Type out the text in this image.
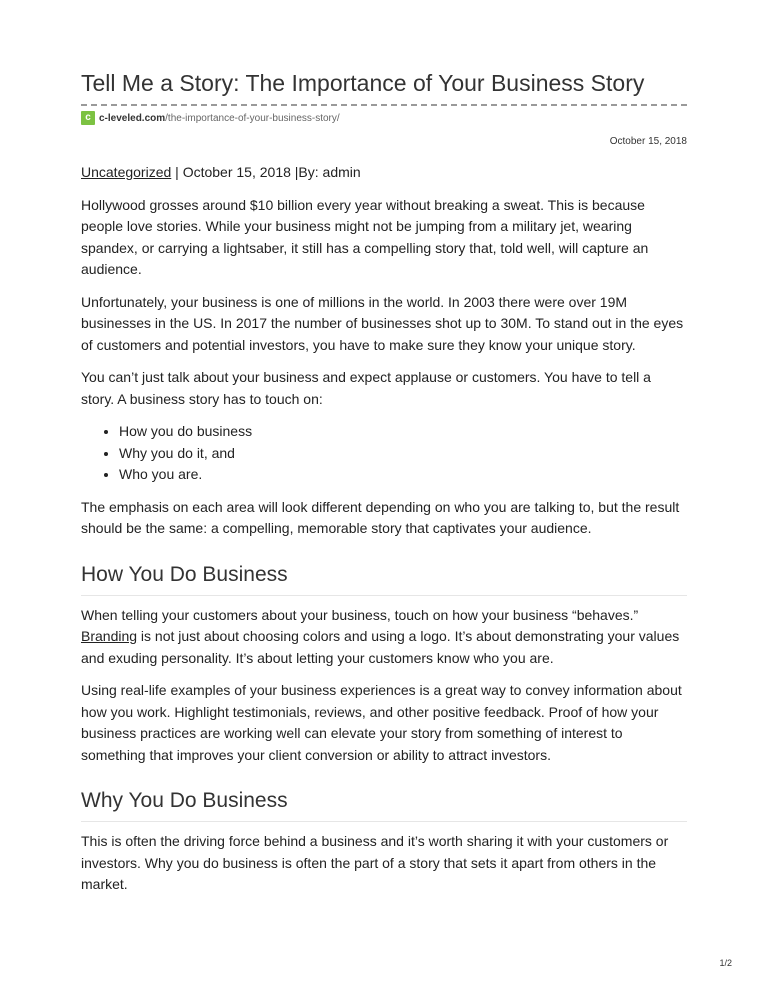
Tell Me a Story: The Importance of Your Business Story
c c-leveled.com /the-importance-of-your-business-story/
October 15, 2018

Uncategorized | October 15, 2018 |By: admin

Hollywood grosses around $10 billion every year without breaking a sweat. This is because people love stories. While your business might not be jumping from a military jet, wearing spandex, or carrying a lightsaber, it still has a compelling story that, told well, will capture an audience.

Unfortunately, your business is one of millions in the world. In 2003 there were over 19M businesses in the US. In 2017 the number of businesses shot up to 30M. To stand out in the eyes of customers and potential investors, you have to make sure they know your unique story.

You can’t just talk about your business and expect applause or customers. You have to tell a story. A business story has to touch on:

• How you do business
• Why you do it, and
• Who you are.

The emphasis on each area will look different depending on who you are talking to, but the result should be the same: a compelling, memorable story that captivates your audience.

How You Do Business

When telling your customers about your business, touch on how your business “behaves.” Branding is not just about choosing colors and using a logo. It’s about demonstrating your values and exuding personality. It’s about letting your customers know who you are.

Using real-life examples of your business experiences is a great way to convey information about how you work. Highlight testimonials, reviews, and other positive feedback. Proof of how your business practices are working well can elevate your story from something of interest to something that improves your client conversion or ability to attract investors.

Why You Do Business

This is often the driving force behind a business and it’s worth sharing it with your customers or investors. Why you do business is often the part of a story that sets it apart from others in the market.

1/2
